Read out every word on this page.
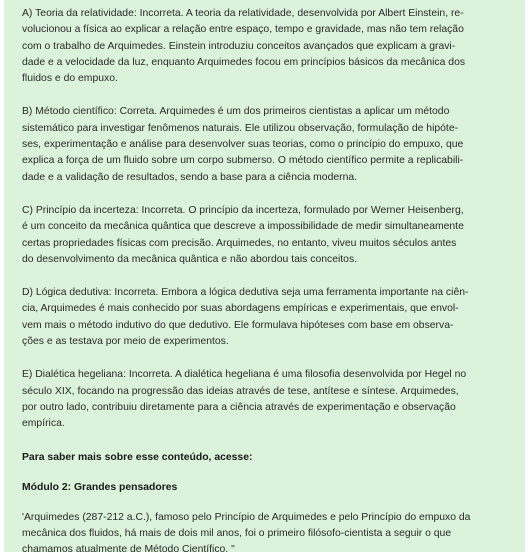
A) Teoria da relatividade: Incorreta. A teoria da relatividade, desenvolvida por Albert Einstein, re-
volucionou a física ao explicar a relação entre espaço, tempo e gravidade, mas não tem relação
com o trabalho de Arquimedes. Einstein introduziu conceitos avançados que explicam a gravi-
dade e a velocidade da luz, enquanto Arquimedes focou em princípios básicos da mecânica dos
fluidos e do empuxo.
B) Método científico: Correta. Arquimedes é um dos primeiros cientistas a aplicar um método
sistemático para investigar fenômenos naturais. Ele utilizou observação, formulação de hipóte-
ses, experimentação e análise para desenvolver suas teorias, como o princípio do empuxo, que
explica a força de um fluido sobre um corpo submerso. O método científico permite a replicabili-
dade e a validação de resultados, sendo a base para a ciência moderna.
C) Princípio da incerteza: Incorreta. O princípio da incerteza, formulado por Werner Heisenberg,
é um conceito da mecânica quântica que descreve a impossibilidade de medir simultaneamente
certas propriedades físicas com precisão. Arquimedes, no entanto, viveu muitos séculos antes
do desenvolvimento da mecânica quântica e não abordou tais conceitos.
D) Lógica dedutiva: Incorreta. Embora a lógica dedutiva seja uma ferramenta importante na ciên-
cia, Arquimedes é mais conhecido por suas abordagens empíricas e experimentais, que envol-
vem mais o método indutivo do que dedutivo. Ele formulava hipóteses com base em observa-
ções e as testava por meio de experimentos.
E) Dialética hegeliana: Incorreta. A dialética hegeliana é uma filosofia desenvolvida por Hegel no
século XIX, focando na progressão das ideias através de tese, antítese e síntese. Arquimedes,
por outro lado, contribuiu diretamente para a ciência através de experimentação e observação
empírica.
Para saber mais sobre esse conteúdo, acesse:
Módulo 2: Grandes pensadores
'Arquimedes (287-212 a.C.), famoso pelo Princípio de Arquimedes e pelo Princípio do empuxo da
mecânica dos fluidos, há mais de dois mil anos, foi o primeiro filósofo-cientista a seguir o que
chamamos atualmente de Método Científico. "
